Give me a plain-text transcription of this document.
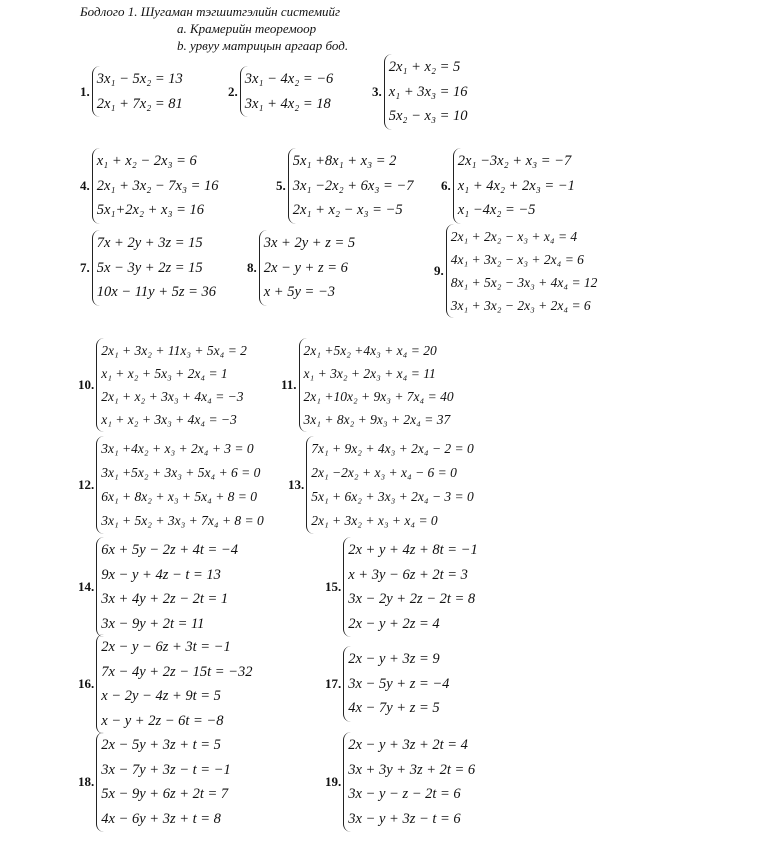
Бодлого 1. Шугаман тэгшитгэлийн системийг
a. Крамерийн теоремоор
b. урвуу матрицын аргаар бод.
1.
3x₁ − 5x₂ = 13
2x₁ + 7x₂ = 81
2.
3x₁ − 4x₂ = −6
3x₁ + 4x₂ = 18
3.
2x₁ + x₂ = 5
x₁ + 3x₃ = 16
5x₂ − x₃ = 10
4.
x₁ + x₂ − 2x₃ = 6
2x₁ + 3x₂ − 7x₃ = 16
5x₁+2x₂ + x₃ = 16
5.
5x₁ +8x₁ + x₃ = 2
3x₁ −2x₂ + 6x₃ = −7
2x₁ + x₂ − x₃ = −5
6.
2x₁ −3x₂ + x₃ = −7
x₁ + 4x₂ + 2x₃ = −1
x₁ −4x₂ = −5
7.
7x + 2y + 3z = 15
5x − 3y + 2z = 15
10x − 11y + 5z = 36
8.
3x + 2y + z = 5
2x − y + z = 6
x + 5y = −3
9.
2x₁ + 2x₂ − x₃ + x₄ = 4
4x₁ + 3x₂ − x₃ + 2x₄ = 6
8x₁ + 5x₂ − 3x₃ + 4x₄ = 12
3x₁ + 3x₂ − 2x₃ + 2x₄ = 6
10.
2x₁ + 3x₂ + 11x₃ + 5x₄ = 2
x₁ + x₂ + 5x₃ + 2x₄ = 1
2x₁ + x₂ + 3x₃ + 4x₄ = −3
x₁ + x₂ + 3x₃ + 4x₄ = −3
11.
2x₁ +5x₂ +4x₃ + x₄ = 20
x₁ + 3x₂ + 2x₃ + x₄ = 11
2x₁ +10x₂ + 9x₃ + 7x₄ = 40
3x₁ + 8x₂ + 9x₃ + 2x₄ = 37
12.
3x₁ +4x₂ + x₃ + 2x₄ + 3 = 0
3x₁ +5x₂ + 3x₃ + 5x₄ + 6 = 0
6x₁ + 8x₂ + x₃ + 5x₄ + 8 = 0
3x₁ + 5x₂ + 3x₃ + 7x₄ + 8 = 0
13.
7x₁ + 9x₂ + 4x₃ + 2x₄ − 2 = 0
2x₁ −2x₂ + x₃ + x₄ − 6 = 0
5x₁ + 6x₂ + 3x₃ + 2x₄ − 3 = 0
2x₁ + 3x₂ + x₃ + x₄ = 0
14.
6x + 5y − 2z + 4t = −4
9x − y + 4z − t = 13
3x + 4y + 2z − 2t = 1
3x − 9y + 2t = 11
15.
2x + y + 4z + 8t = −1
x + 3y − 6z + 2t = 3
3x − 2y + 2z − 2t = 8
2x − y + 2z = 4
16.
2x − y − 6z + 3t = −1
7x − 4y + 2z − 15t = −32
x − 2y − 4z + 9t = 5
x − y + 2z − 6t = −8
17.
2x − y + 3z = 9
3x − 5y + z = −4
4x − 7y + z = 5
18.
2x − 5y + 3z + t = 5
3x − 7y + 3z − t = −1
5x − 9y + 6z + 2t = 7
4x − 6y + 3z + t = 8
19.
2x − y + 3z + 2t = 4
3x + 3y + 3z + 2t = 6
3x − y − z − 2t = 6
3x − y + 3z − t = 6
